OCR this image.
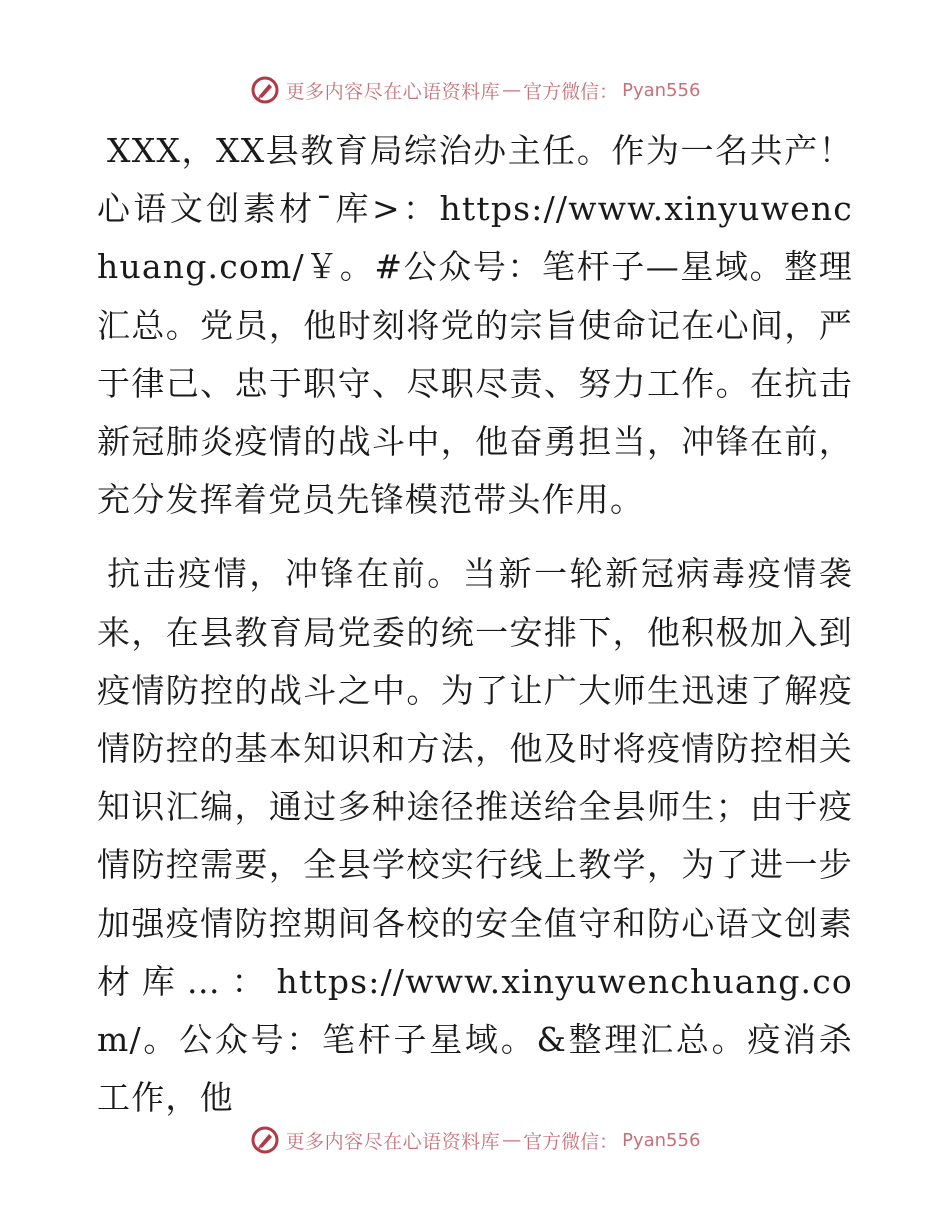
更多内容尽在心语资料库 — 官方微信： Pyan556

XXX，XX县教育局综治办主任。作为一名共产！心语文创素材¯库>：https://www.xinyuwenchuang.com/￥。#公众号：笔杆子—星域。整理汇总。党员，他时刻将党的宗旨使命记在心间，严于律己、忠于职守、尽职尽责、努力工作。在抗击新冠肺炎疫情的战斗中，他奋勇担当，冲锋在前，充分发挥着党员先锋模范带头作用。

抗击疫情，冲锋在前。当新一轮新冠病毒疫情袭来，在县教育局党委的统一安排下，他积极加入到疫情防控的战斗之中。为了让广大师生迅速了解疫情防控的基本知识和方法，他及时将疫情防控相关知识汇编，通过多种途径推送给全县师生；由于疫情防控需要，全县学校实行线上教学，为了进一步加强疫情防控期间各校的安全值守和防心语文创素材库…：https://www.xinyuwenchuang.com/。公众号：笔杆子星域。&整理汇总。疫消杀工作，他

更多内容尽在心语资料库 — 官方微信： Pyan556
